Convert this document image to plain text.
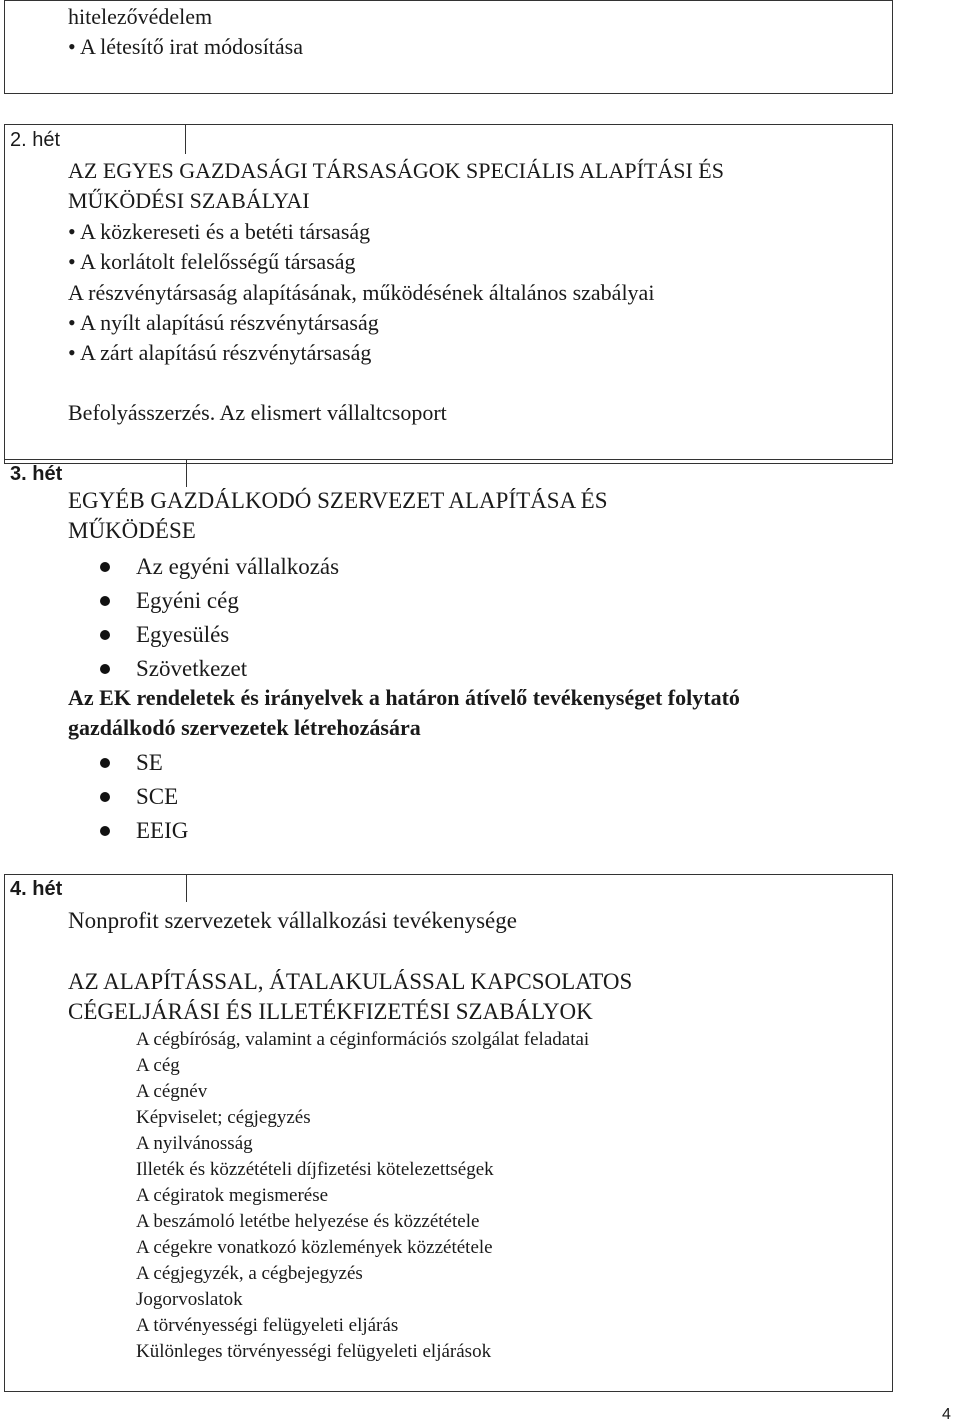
hitelezővédelem
• A létesítő irat módosítása
2. hét
AZ EGYES GAZDASÁGI TÁRSASÁGOK SPECIÁLIS ALAPÍTÁSI ÉS
MŰKÖDÉSI SZABÁLYAI
• A közkereseti és a betéti társaság
• A korlátolt felelősségű társaság
A részvénytársaság alapításának, működésének általános szabályai
• A nyílt alapítású részvénytársaság
• A zárt alapítású részvénytársaság
Befolyásszerzés. Az elismert vállaltcsoport
3. hét
EGYÉB GAZDÁLKODÓ SZERVEZET ALAPÍTÁSA ÉS
MŰKÖDÉSE
Az egyéni vállalkozás
Egyéni cég
Egyesülés
Szövetkezet
Az EK rendeletek és irányelvek a határon átívelő tevékenységet folytató
gazdálkodó szervezetek létrehozására
SE
SCE
EEIG
4. hét
Nonprofit szervezetek vállalkozási tevékenysége
AZ ALAPÍTÁSSAL, ÁTALAKULÁSSAL KAPCSOLATOS
CÉGELJÁRÁSI ÉS ILLETÉKFIZETÉSI SZABÁLYOK
A cégbíróság, valamint a céginformációs szolgálat feladatai
A cég
A cégnév
Képviselet; cégjegyzés
A nyilvánosság
Illeték és közzétételi díjfizetési kötelezettségek
A cégiratok megismerése
A beszámoló letétbe helyezése és közzététele
A cégekre vonatkozó közlemények közzététele
A cégjegyzék, a cégbejegyzés
Jogorvoslatok
A törvényességi felügyeleti eljárás
Különleges törvényességi felügyeleti eljárások
4
